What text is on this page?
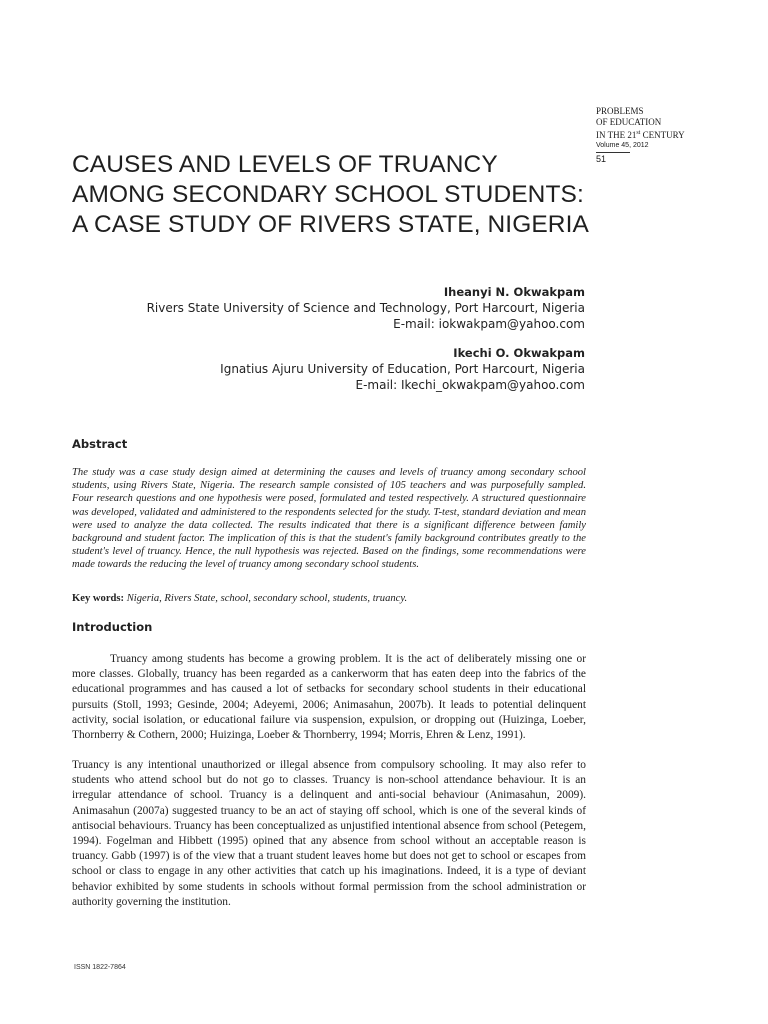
PROBLEMS
OF EDUCATION
IN THE 21st CENTURY
Volume 45, 2012
51
CAUSES AND LEVELS OF TRUANCY AMONG SECONDARY SCHOOL STUDENTS: A CASE STUDY OF RIVERS STATE, NIGERIA
Iheanyi N. Okwakpam
Rivers State University of Science and Technology, Port Harcourt, Nigeria
E-mail: iokwakpam@yahoo.com
Ikechi O. Okwakpam
Ignatius Ajuru University of Education, Port Harcourt, Nigeria
E-mail: Ikechi_okwakpam@yahoo.com
Abstract

The study was a case study design aimed at determining the causes and levels of truancy among secondary school students, using Rivers State, Nigeria. The research sample consisted of 105 teachers and was purposefully sampled. Four research questions and one hypothesis were posed, formulated and tested respectively. A structured questionnaire was developed, validated and administered to the respondents selected for the study. T-test, standard deviation and mean were used to analyze the data collected. The results indicated that there is a significant difference between family background and student factor. The implication of this is that the student's family background contributes greatly to the student's level of truancy. Hence, the null hypothesis was rejected. Based on the findings, some recommendations were made towards the reducing the level of truancy among secondary school students.

Key words: Nigeria, Rivers State, school, secondary school, students, truancy.

Introduction

Truancy among students has become a growing problem. It is the act of deliberately missing one or more classes. Globally, truancy has been regarded as a cankerworm that has eaten deep into the fabrics of the educational programmes and has caused a lot of setbacks for secondary school students in their educational pursuits (Stoll, 1993; Gesinde, 2004; Adeyemi, 2006; Animasahun, 2007b). It leads to potential delinquent activity, social isolation, or educational failure via suspension, expulsion, or dropping out (Huizinga, Loeber, Thornberry & Cothern, 2000; Huizinga, Loeber & Thornberry, 1994; Morris, Ehren & Lenz, 1991).

Truancy is any intentional unauthorized or illegal absence from compulsory schooling. It may also refer to students who attend school but do not go to classes. Truancy is non-school attendance behaviour. It is an irregular attendance of school. Truancy is a delinquent and anti-social behaviour (Animasahun, 2009). Animasahun (2007a) suggested truancy to be an act of staying off school, which is one of the several kinds of antisocial behaviours. Truancy has been conceptualized as unjustified intentional absence from school (Petegem, 1994). Fogelman and Hibbett (1995) opined that any absence from school without an acceptable reason is truancy. Gabb (1997) is of the view that a truant student leaves home but does not get to school or escapes from school or class to engage in any other activities that catch up his imaginations. Indeed, it is a type of deviant behavior exhibited by some students in schools without formal permission from the school administration or authority governing the institution.

ISSN 1822-7864
